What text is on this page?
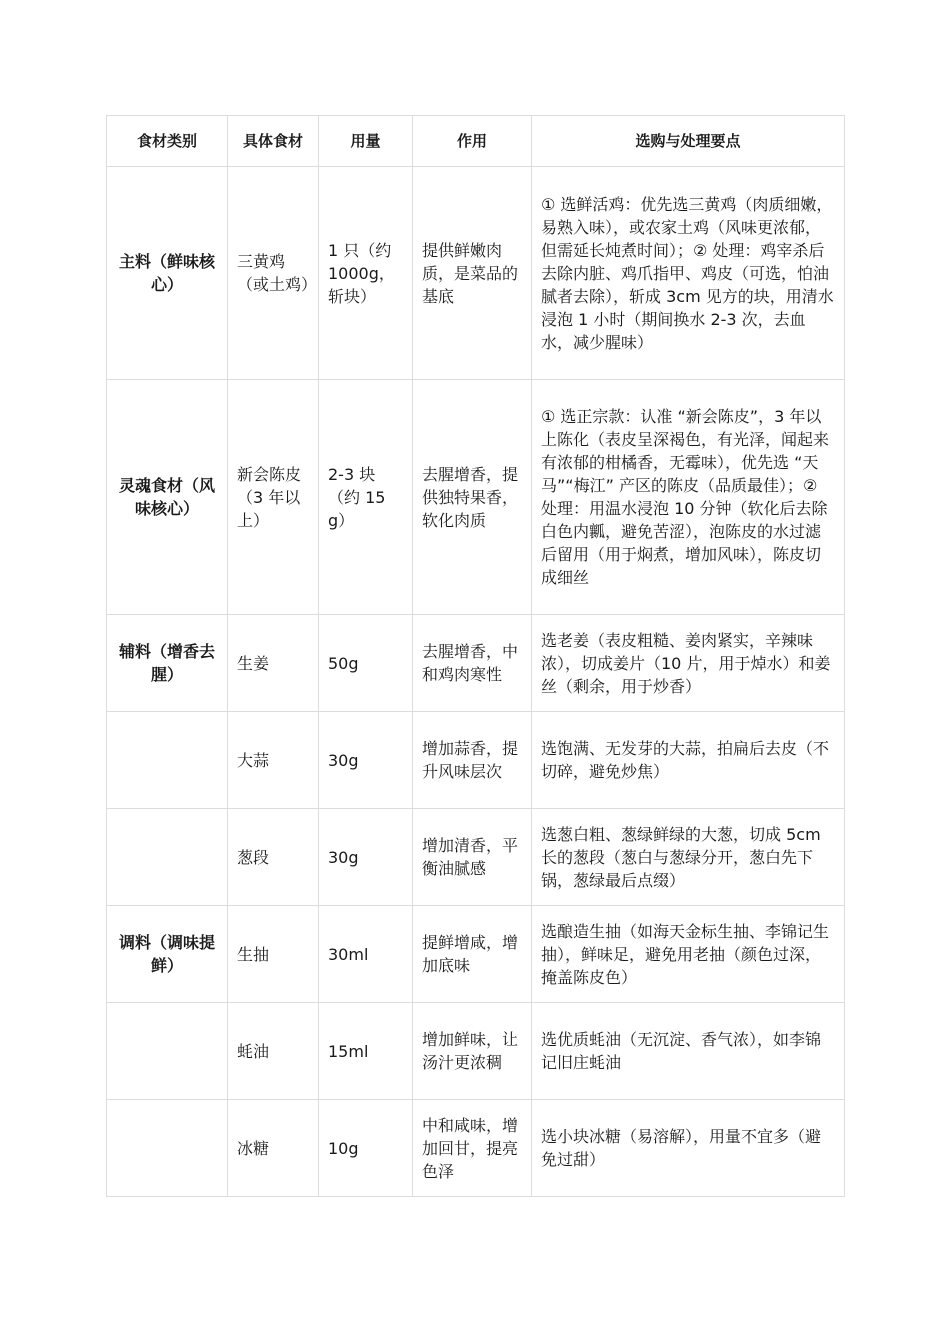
食材类别	具体食材	用量	作用	选购与处理要点
主料（鲜味核心）	三黄鸡（或土鸡）	1 只（约 1000g，斩块）	提供鲜嫩肉质，是菜品的基底	① 选鲜活鸡：优先选三黄鸡（肉质细嫩，易熟入味），或农家土鸡（风味更浓郁，但需延长炖煮时间）；② 处理：鸡宰杀后去除内脏、鸡爪指甲、鸡皮（可选，怕油腻者去除），斩成 3cm 见方的块，用清水浸泡 1 小时（期间换水 2-3 次，去血水，减少腥味）
灵魂食材（风味核心）	新会陈皮（3 年以上）	2-3 块（约 15g）	去腥增香，提供独特果香，软化肉质	① 选正宗款：认准 “新会陈皮”，3 年以上陈化（表皮呈深褐色，有光泽，闻起来有浓郁的柑橘香，无霉味），优先选 “天马”“梅江” 产区的陈皮（品质最佳）；② 处理：用温水浸泡 10 分钟（软化后去除白色内瓤，避免苦涩），泡陈皮的水过滤后留用（用于焖煮，增加风味），陈皮切成细丝
辅料（增香去腥）	生姜	50g	去腥增香，中和鸡肉寒性	选老姜（表皮粗糙、姜肉紧实，辛辣味浓），切成姜片（10 片，用于焯水）和姜丝（剩余，用于炒香）
	大蒜	30g	增加蒜香，提升风味层次	选饱满、无发芽的大蒜，拍扁后去皮（不切碎，避免炒焦）
	葱段	30g	增加清香，平衡油腻感	选葱白粗、葱绿鲜绿的大葱，切成 5cm 长的葱段（葱白与葱绿分开，葱白先下锅，葱绿最后点缀）
调料（调味提鲜）	生抽	30ml	提鲜增咸，增加底味	选酿造生抽（如海天金标生抽、李锦记生抽），鲜味足，避免用老抽（颜色过深，掩盖陈皮色）
	蚝油	15ml	增加鲜味，让汤汁更浓稠	选优质蚝油（无沉淀、香气浓），如李锦记旧庄蚝油
	冰糖	10g	中和咸味，增加回甘，提亮色泽	选小块冰糖（易溶解），用量不宜多（避免过甜）
